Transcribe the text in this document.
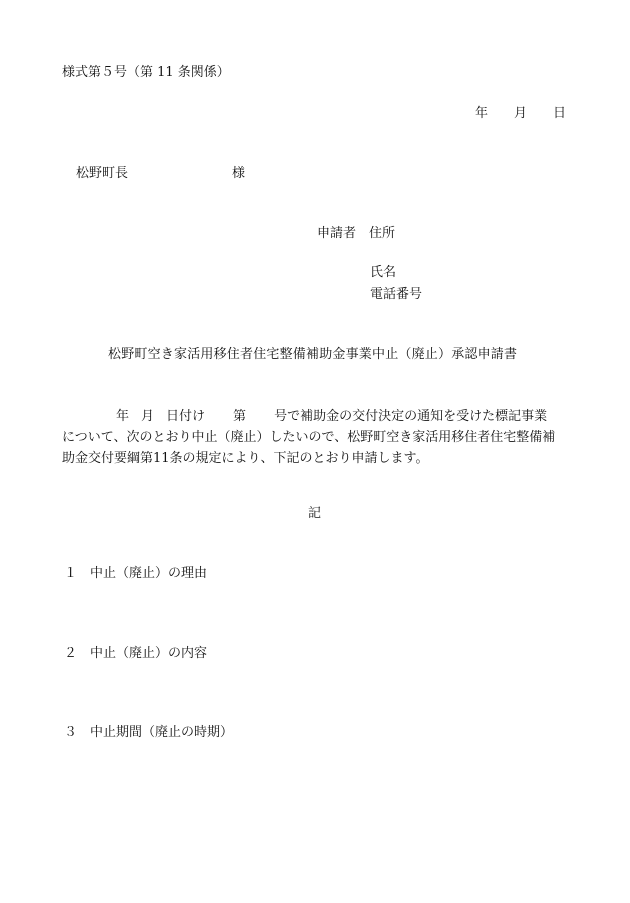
様式第５号（第 11 条関係）
年 月 日
松野町長	様
申請者 住所
氏名
電話番号
松野町空き家活用移住者住宅整備補助金事業中止（廃止）承認申請書
年 月 日付け 第 号で補助金の交付決定の通知を受けた標記事業
について、次のとおり中止（廃止）したいので、松野町空き家活用移住者住宅整備補
助金交付要綱第11条の規定により、下記のとおり申請します。
記
１ 中止（廃止）の理由
２ 中止（廃止）の内容
３ 中止期間（廃止の時期）
